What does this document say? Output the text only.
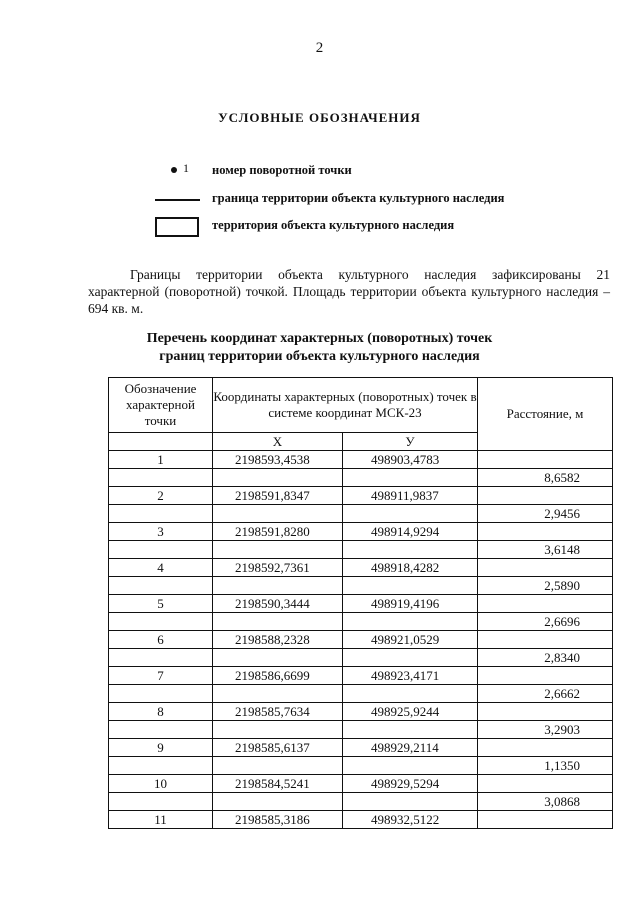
2
УСЛОВНЫЕ ОБОЗНАЧЕНИЯ
1 номер поворотной точки
граница территории объекта культурного наследия
территория объекта культурного наследия
Границы территории объекта культурного наследия зафиксированы 21 характерной (поворотной) точкой. Площадь территории объекта культурного наследия – 694 кв. м.
Перечень координат характерных (поворотных) точек
границ территории объекта культурного наследия
Обозначение характерной точки	Координаты характерных (поворотных) точек в системе координат МСК-23		Расстояние, м
	Х	У	
1	2198593,4538	498903,4783	
			8,6582
2	2198591,8347	498911,9837	
			2,9456
3	2198591,8280	498914,9294	
			3,6148
4	2198592,7361	498918,4282	
			2,5890
5	2198590,3444	498919,4196	
			2,6696
6	2198588,2328	498921,0529	
			2,8340
7	2198586,6699	498923,4171	
			2,6662
8	2198585,7634	498925,9244	
			3,2903
9	2198585,6137	498929,2114	
			1,1350
10	2198584,5241	498929,5294	
			3,0868
11	2198585,3186	498932,5122	
